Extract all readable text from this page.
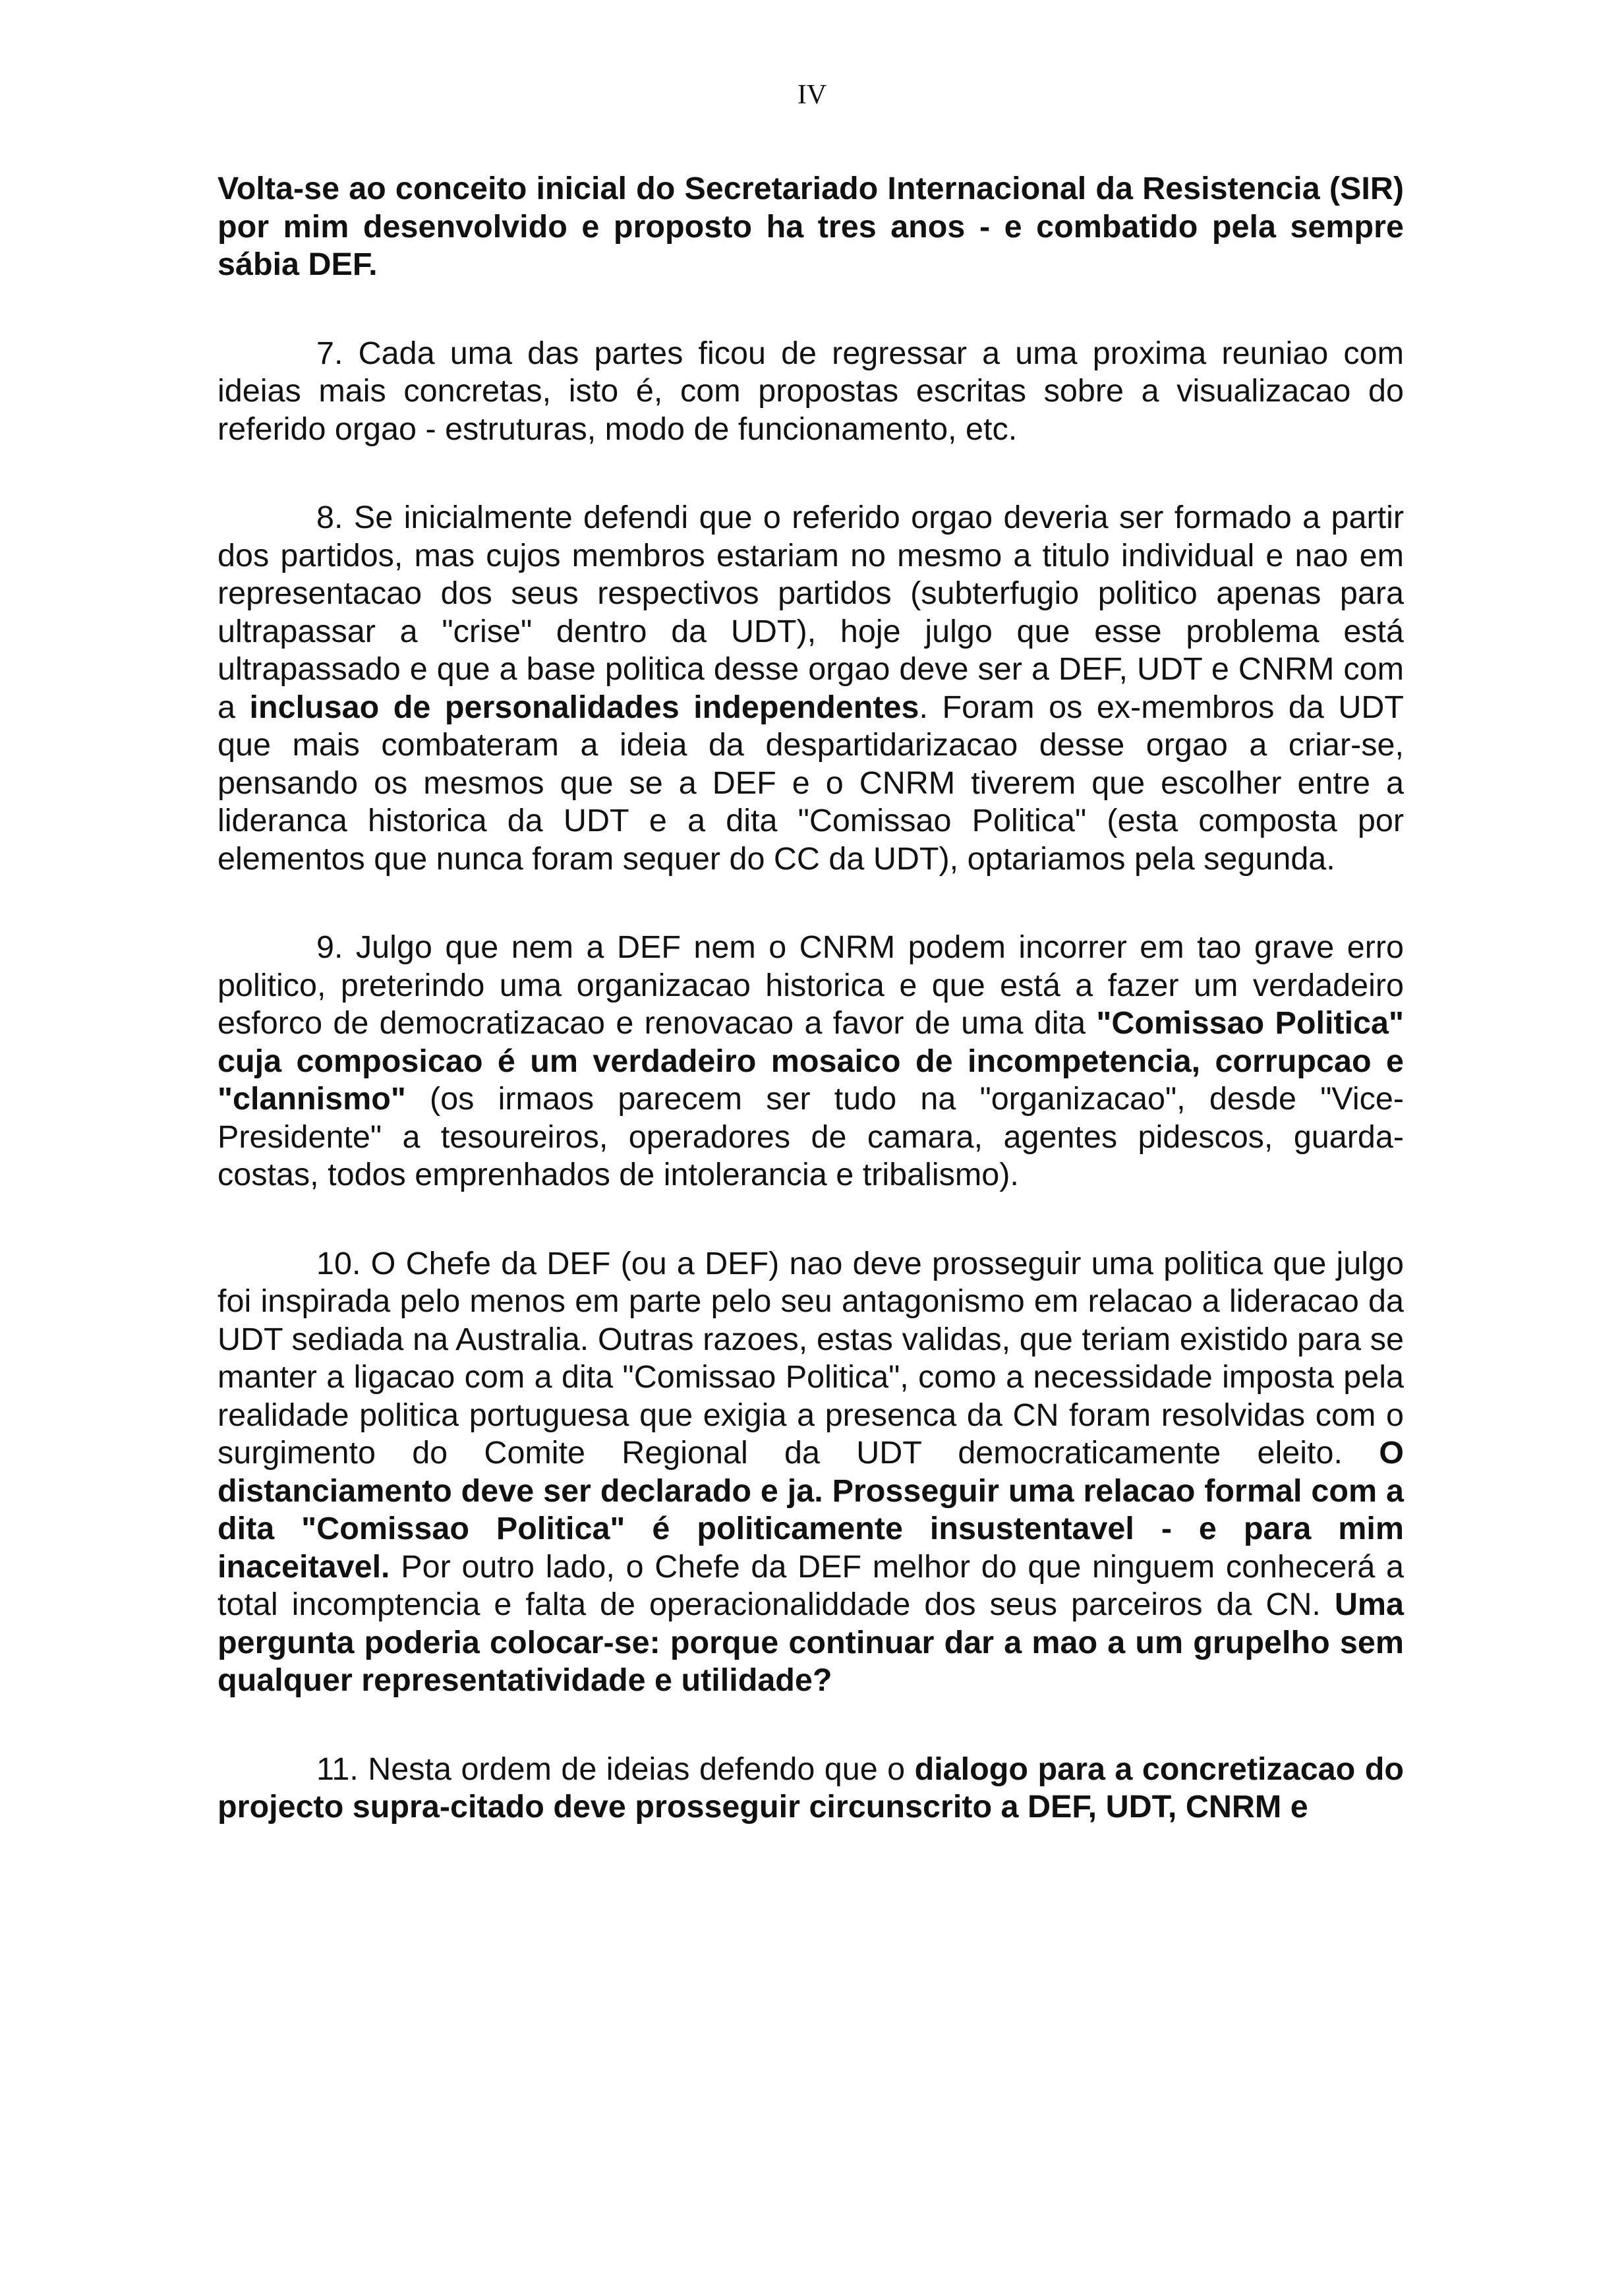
IV

Volta-se ao conceito inicial do Secretariado Internacional da Resistencia (SIR) por mim desenvolvido e proposto ha tres anos - e combatido pela sempre sábia DEF.

7. Cada uma das partes ficou de regressar a uma proxima reuniao com ideias mais concretas, isto é, com propostas escritas sobre a visualizacao do referido orgao - estruturas, modo de funcionamento, etc.

8. Se inicialmente defendi que o referido orgao deveria ser formado a partir dos partidos, mas cujos membros estariam no mesmo a titulo individual e nao em representacao dos seus respectivos partidos (subterfugio politico apenas para ultrapassar a "crise" dentro da UDT), hoje julgo que esse problema está ultrapassado e que a base politica desse orgao deve ser a DEF, UDT e CNRM com a inclusao de personalidades independentes. Foram os ex-membros da UDT que mais combateram a ideia da despartidarizacao desse orgao a criar-se, pensando os mesmos que se a DEF e o CNRM tiverem que escolher entre a lideranca historica da UDT e a dita "Comissao Politica" (esta composta por elementos que nunca foram sequer do CC da UDT), optariamos pela segunda.

9. Julgo que nem a DEF nem o CNRM podem incorrer em tao grave erro politico, preterindo uma organizacao historica e que está a fazer um verdadeiro esforco de democratizacao e renovacao a favor de uma dita "Comissao Politica" cuja composicao é um verdadeiro mosaico de incompetencia, corrupcao e "clannismo" (os irmaos parecem ser tudo na "organizacao", desde "Vice-Presidente" a tesoureiros, operadores de camara, agentes pidescos, guarda-costas, todos emprenhados de intolerancia e tribalismo).

10. O Chefe da DEF (ou a DEF) nao deve prosseguir uma politica que julgo foi inspirada pelo menos em parte pelo seu antagonismo em relacao a lideracao da UDT sediada na Australia. Outras razoes, estas validas, que teriam existido para se manter a ligacao com a dita "Comissao Politica", como a necessidade imposta pela realidade politica portuguesa que exigia a presenca da CN foram resolvidas com o surgimento do Comite Regional da UDT democraticamente eleito. O distanciamento deve ser declarado e ja. Prosseguir uma relacao formal com a dita "Comissao Politica" é politicamente insustentavel - e para mim inaceitavel. Por outro lado, o Chefe da DEF melhor do que ninguem conhecerá a total incomptencia e falta de operacionaliddade dos seus parceiros da CN. Uma pergunta poderia colocar-se: porque continuar dar a mao a um grupelho sem qualquer representatividade e utilidade?

11. Nesta ordem de ideias defendo que o dialogo para a concretizacao do projecto supra-citado deve prosseguir circunscrito a DEF, UDT, CNRM e
